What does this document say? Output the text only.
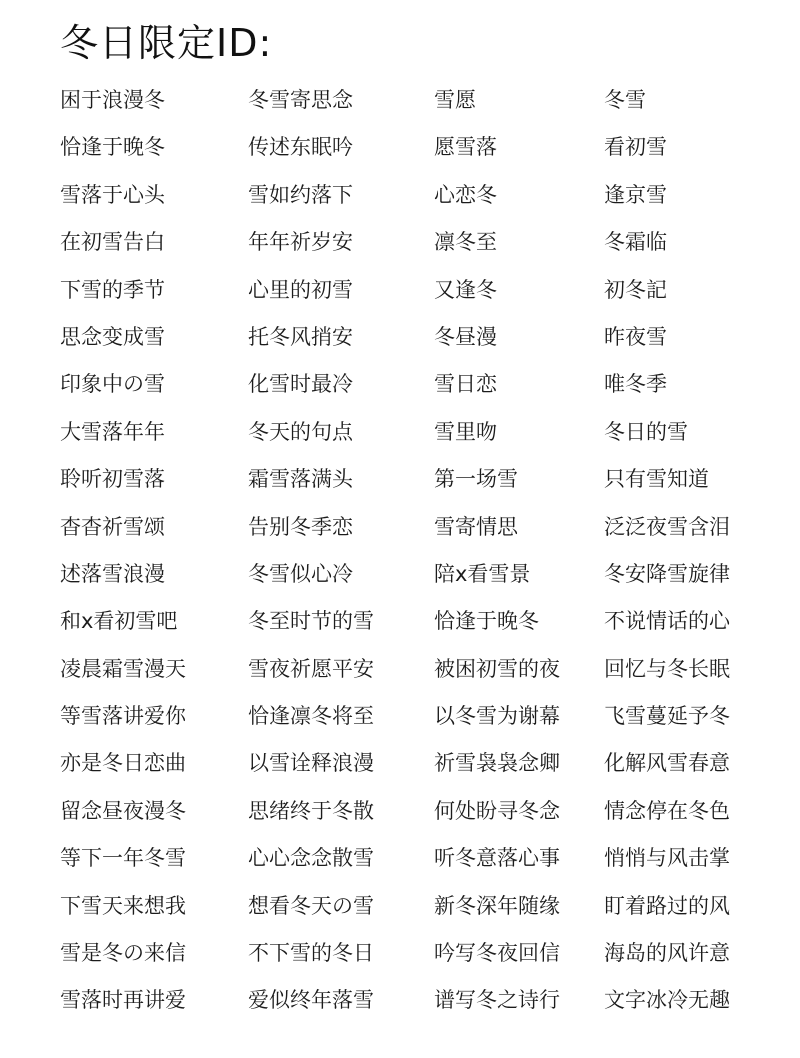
冬日限定ID:
困于浪漫冬	冬雪寄思念	雪愿	冬雪
恰逢于晚冬	传述东眠吟	愿雪落	看初雪
雪落于心头	雪如约落下	心恋冬	逢京雪
在初雪告白	年年祈岁安	凛冬至	冬霜临
下雪的季节	心里的初雪	又逢冬	初冬記
思念变成雪	托冬风捎安	冬昼漫	昨夜雪
印象中の雪	化雪时最冷	雪日恋	唯冬季
大雪落年年	冬天的句点	雪里吻	冬日的雪
聆听初雪落	霜雪落满头	第一场雪	只有雪知道
杳杳祈雪颂	告别冬季恋	雪寄情思	泛泛夜雪含泪
述落雪浪漫	冬雪似心冷	陪x看雪景	冬安降雪旋律
和x看初雪吧	冬至时节的雪	恰逢于晚冬	不说情话的心
凌晨霜雪漫天	雪夜祈愿平安	被困初雪的夜	回忆与冬长眠
等雪落讲爱你	恰逢凛冬将至	以冬雪为谢幕	飞雪蔓延予冬
亦是冬日恋曲	以雪诠释浪漫	祈雪袅袅念卿	化解风雪春意
留念昼夜漫冬	思绪终于冬散	何处盼寻冬念	情念停在冬色
等下一年冬雪	心心念念散雪	听冬意落心事	悄悄与风击掌
下雪天来想我	想看冬天の雪	新冬深年随缘	盯着路过的风
雪是冬の来信	不下雪的冬日	吟写冬夜回信	海岛的风许意
雪落时再讲爱	爱似终年落雪	谱写冬之诗行	文字冰冷无趣
